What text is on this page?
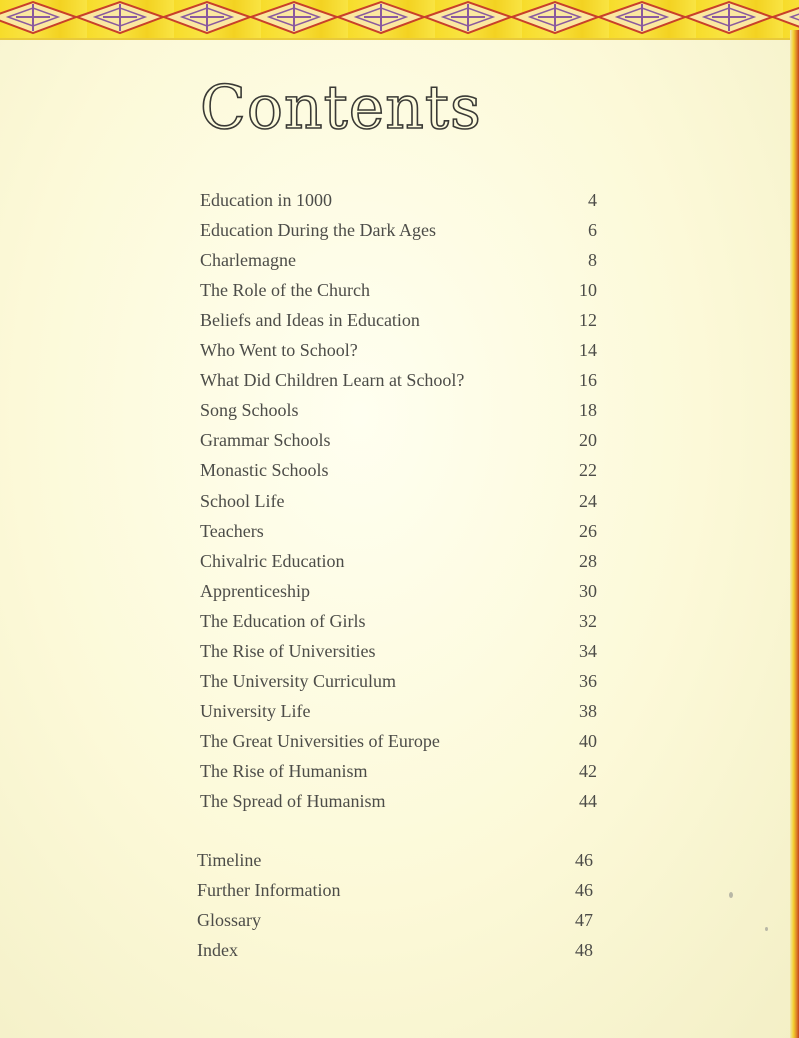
Contents
Education in 1000	4
Education During the Dark Ages	6
Charlemagne	8
The Role of the Church	10
Beliefs and Ideas in Education	12
Who Went to School?	14
What Did Children Learn at School?	16
Song Schools	18
Grammar Schools	20
Monastic Schools	22
School Life	24
Teachers	26
Chivalric Education	28
Apprenticeship	30
The Education of Girls	32
The Rise of Universities	34
The University Curriculum	36
University Life	38
The Great Universities of Europe	40
The Rise of Humanism	42
The Spread of Humanism	44
Timeline	46
Further Information	46
Glossary	47
Index	48
